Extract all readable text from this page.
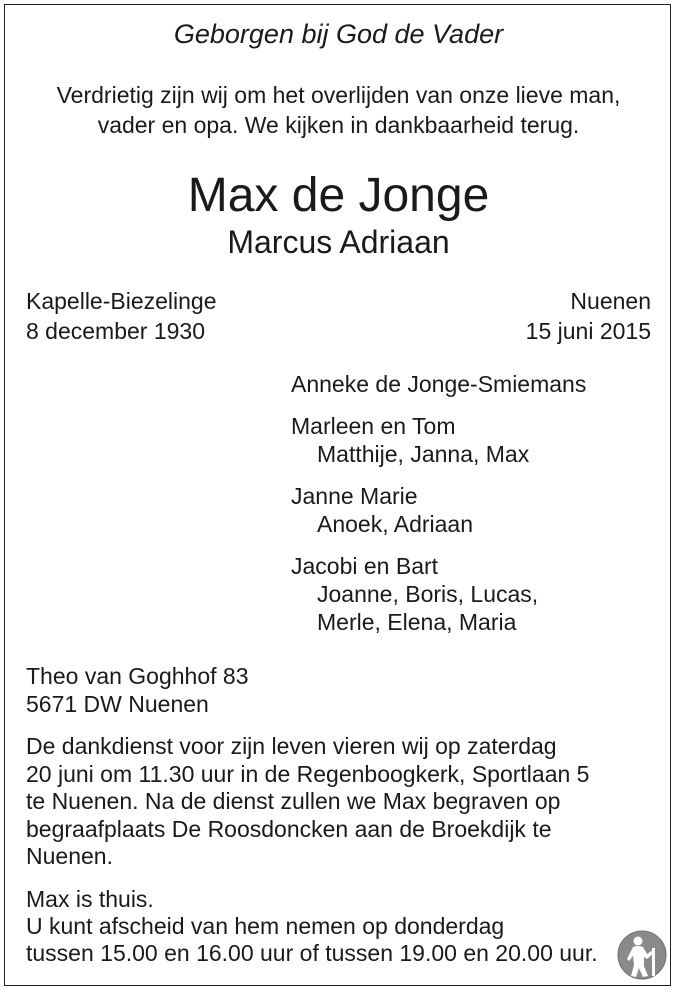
Geborgen bij God de Vader
Verdrietig zijn wij om het overlijden van onze lieve man,
vader en opa. We kijken in dankbaarheid terug.
Max de Jonge
Marcus Adriaan
Kapelle-Biezelinge
8 december 1930
Nuenen
15 juni 2015
Anneke de Jonge-Smiemans
Marleen en Tom
Matthije, Janna, Max
Janne Marie
Anoek, Adriaan
Jacobi en Bart
Joanne, Boris, Lucas,
Merle, Elena, Maria
Theo van Goghhof 83
5671 DW Nuenen
De dankdienst voor zijn leven vieren wij op zaterdag
20 juni om 11.30 uur in de Regenboogkerk, Sportlaan 5
te Nuenen. Na de dienst zullen we Max begraven op
begraafplaats De Roosdoncken aan de Broekdijk te
Nuenen.
Max is thuis.
U kunt afscheid van hem nemen op donderdag
tussen 15.00 en 16.00 uur of tussen 19.00 en 20.00 uur.
